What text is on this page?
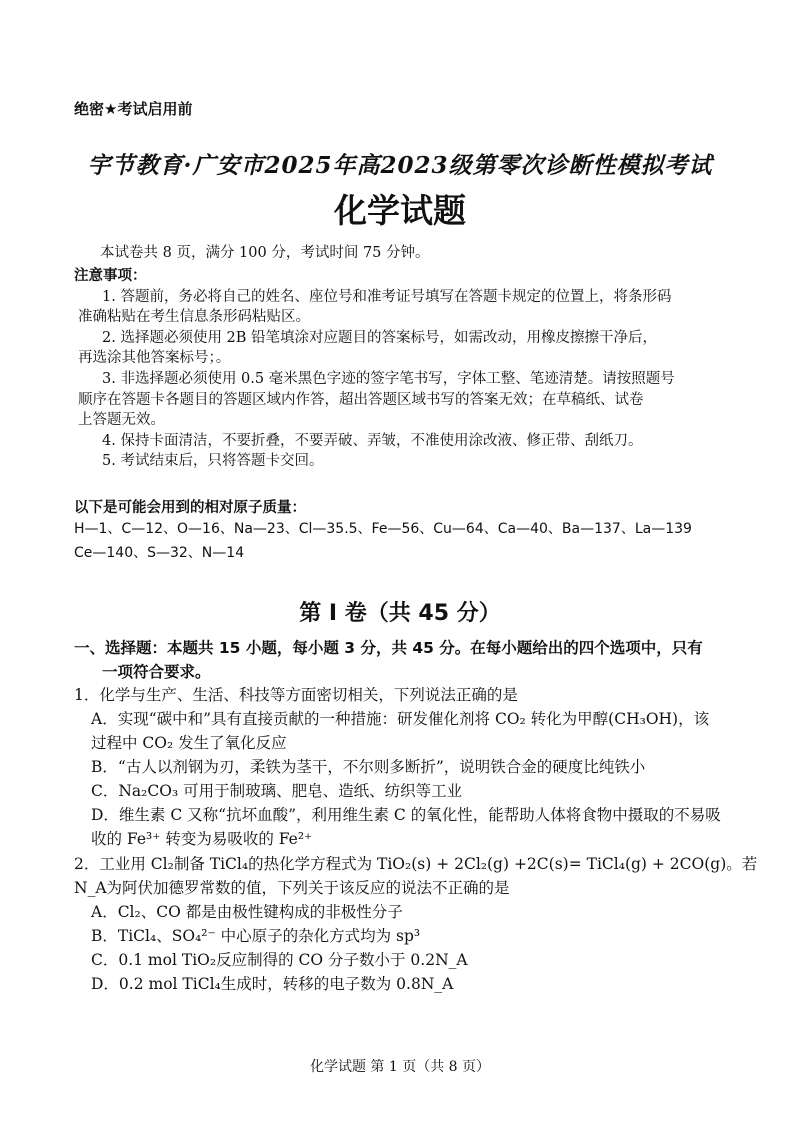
绝密★考试启用前
宇节教育·广安市2025年高2023级第零次诊断性模拟考试
化学试题
本试卷共 8 页，满分 100 分，考试时间 75 分钟。
注意事项：
1. 答题前，务必将自己的姓名、座位号和准考证号填写在答题卡规定的位置上，将条形码
准确粘贴在考生信息条形码粘贴区。
2. 选择题必须使用 2B 铅笔填涂对应题目的答案标号，如需改动，用橡皮擦擦干净后，
再选涂其他答案标号；。
3. 非选择题必须使用 0.5 毫米黑色字迹的签字笔书写，字体工整、笔迹清楚。请按照题号
顺序在答题卡各题目的答题区域内作答，超出答题区域书写的答案无效；在草稿纸、试卷
上答题无效。
4. 保持卡面清洁，不要折叠，不要弄破、弄皱，不准使用涂改液、修正带、刮纸刀。
5. 考试结束后，只将答题卡交回。
以下是可能会用到的相对原子质量：
H—1、C—12、O—16、Na—23、Cl—35.5、Fe—56、Cu—64、Ca—40、Ba—137、La—139
Ce—140、S—32、N—14
第 I 卷（共 45 分）
一、选择题：本题共 15 小题，每小题 3 分，共 45 分。在每小题给出的四个选项中，只有
一项符合要求。
1．化学与生产、生活、科技等方面密切相关，下列说法正确的是
A．实现“碳中和”具有直接贡献的一种措施：研发催化剂将 CO₂ 转化为甲醇(CH₃OH)，该
过程中 CO₂ 发生了氧化反应
B．“古人以剂钢为刃，柔铁为茎干，不尔则多断折”，说明铁合金的硬度比纯铁小
C．Na₂CO₃ 可用于制玻璃、肥皂、造纸、纺织等工业
D．维生素 C 又称“抗坏血酸”，利用维生素 C 的氧化性，能帮助人体将食物中摄取的不易吸
收的 Fe³⁺ 转变为易吸收的 Fe²⁺
2．工业用 Cl₂制备 TiCl₄的热化学方程式为 TiO₂(s) + 2Cl₂(g) +2C(s)= TiCl₄(g) + 2CO(g)。若
N_A为阿伏加德罗常数的值，下列关于该反应的说法不正确的是
A．Cl₂、CO 都是由极性键构成的非极性分子
B．TiCl₄、SO₄²⁻ 中心原子的杂化方式均为 sp³
C．0.1 mol TiO₂反应制得的 CO 分子数小于 0.2N_A
D．0.2 mol TiCl₄生成时，转移的电子数为 0.8N_A
化学试题 第 1 页（共 8 页）
